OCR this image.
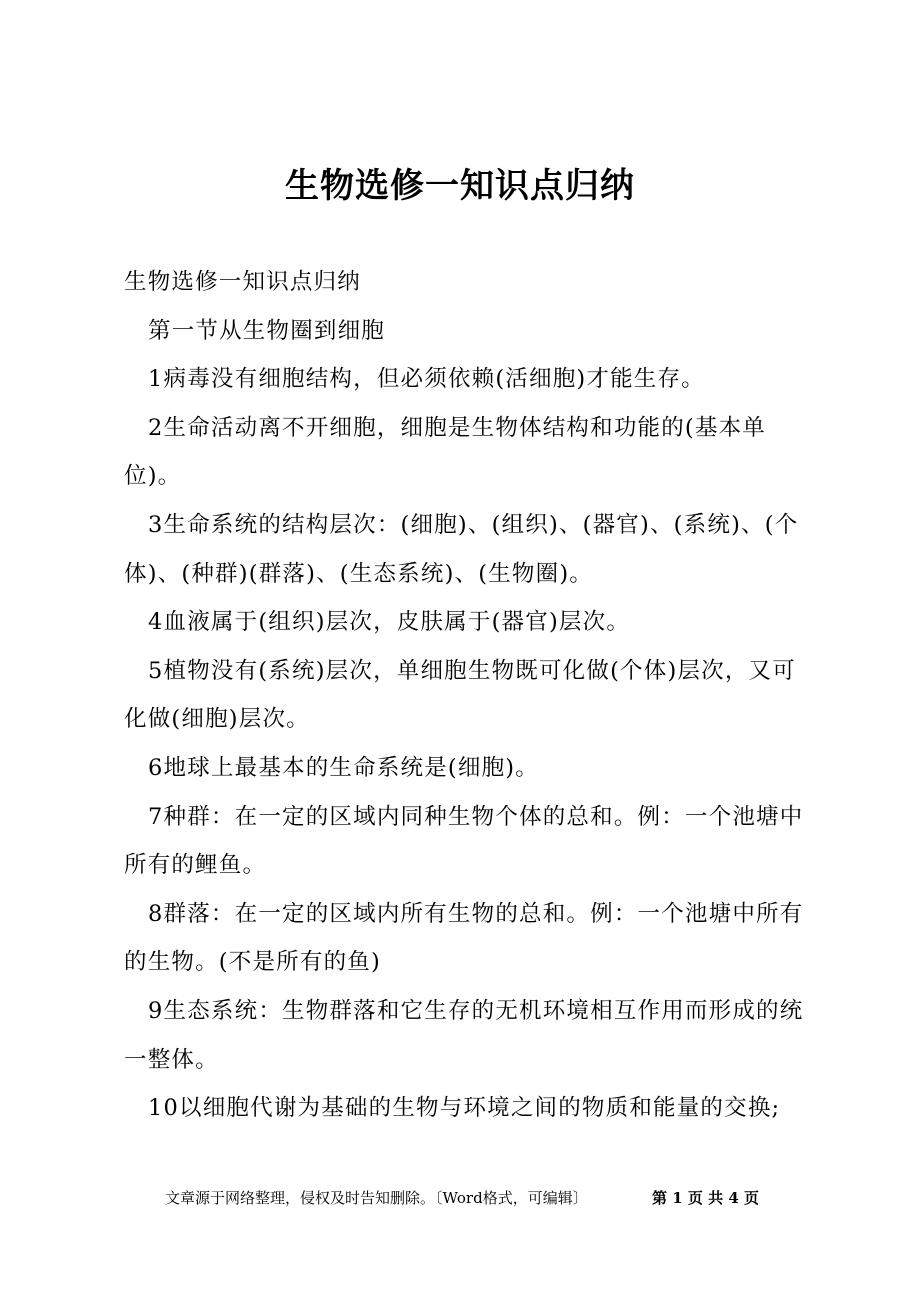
生物选修一知识点归纳

生物选修一知识点归纳

第一节从生物圈到细胞

1病毒没有细胞结构，但必须依赖(活细胞)才能生存。

2生命活动离不开细胞，细胞是生物体结构和功能的(基本单位)。

3生命系统的结构层次：(细胞)、(组织)、(器官)、(系统)、(个体)、(种群)(群落)、(生态系统)、(生物圈)。

4血液属于(组织)层次，皮肤属于(器官)层次。

5植物没有(系统)层次，单细胞生物既可化做(个体)层次，又可化做(细胞)层次。

6地球上最基本的生命系统是(细胞)。

7种群：在一定的区域内同种生物个体的总和。例：一个池塘中所有的鲤鱼。

8群落：在一定的区域内所有生物的总和。例：一个池塘中所有的生物。(不是所有的鱼)

9生态系统：生物群落和它生存的无机环境相互作用而形成的统一整体。

10以细胞代谢为基础的生物与环境之间的物质和能量的交换;

文章源于网络整理，侵权及时告知删除。〔Word格式，可编辑〕	第 1 页 共 4 页
